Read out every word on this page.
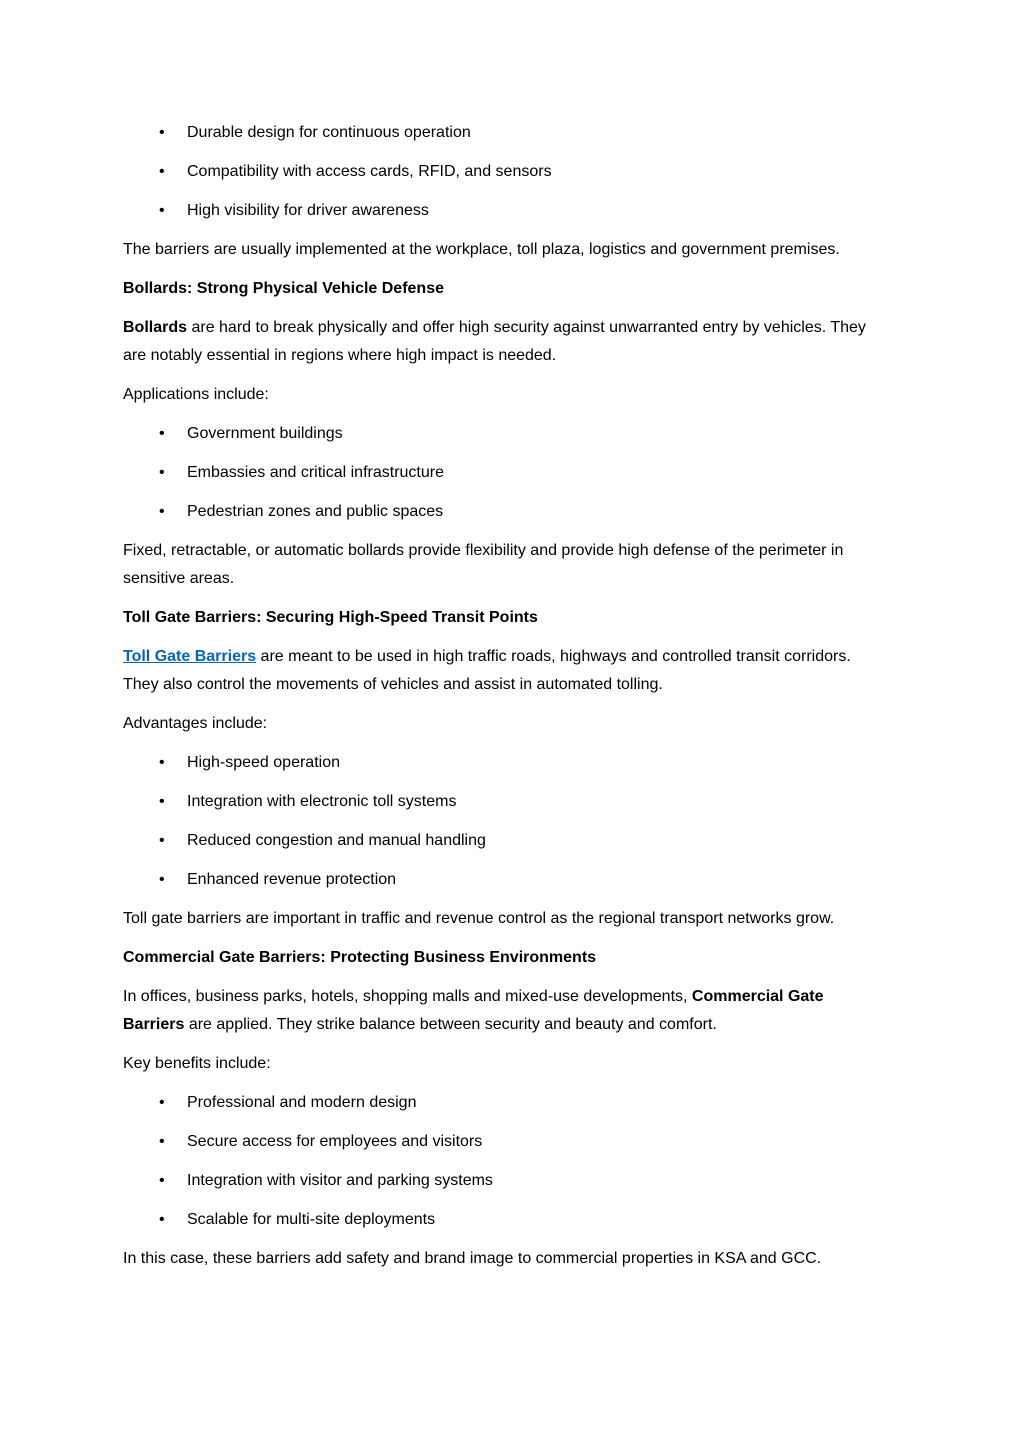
• Durable design for continuous operation
• Compatibility with access cards, RFID, and sensors
• High visibility for driver awareness

The barriers are usually implemented at the workplace, toll plaza, logistics and government premises.

Bollards: Strong Physical Vehicle Defense

Bollards are hard to break physically and offer high security against unwarranted entry by vehicles. They are notably essential in regions where high impact is needed.

Applications include:

• Government buildings
• Embassies and critical infrastructure
• Pedestrian zones and public spaces

Fixed, retractable, or automatic bollards provide flexibility and provide high defense of the perimeter in sensitive areas.

Toll Gate Barriers: Securing High-Speed Transit Points

Toll Gate Barriers are meant to be used in high traffic roads, highways and controlled transit corridors. They also control the movements of vehicles and assist in automated tolling.

Advantages include:

• High-speed operation
• Integration with electronic toll systems
• Reduced congestion and manual handling
• Enhanced revenue protection

Toll gate barriers are important in traffic and revenue control as the regional transport networks grow.

Commercial Gate Barriers: Protecting Business Environments

In offices, business parks, hotels, shopping malls and mixed-use developments, Commercial Gate Barriers are applied. They strike balance between security and beauty and comfort.

Key benefits include:

• Professional and modern design
• Secure access for employees and visitors
• Integration with visitor and parking systems
• Scalable for multi-site deployments

In this case, these barriers add safety and brand image to commercial properties in KSA and GCC.
